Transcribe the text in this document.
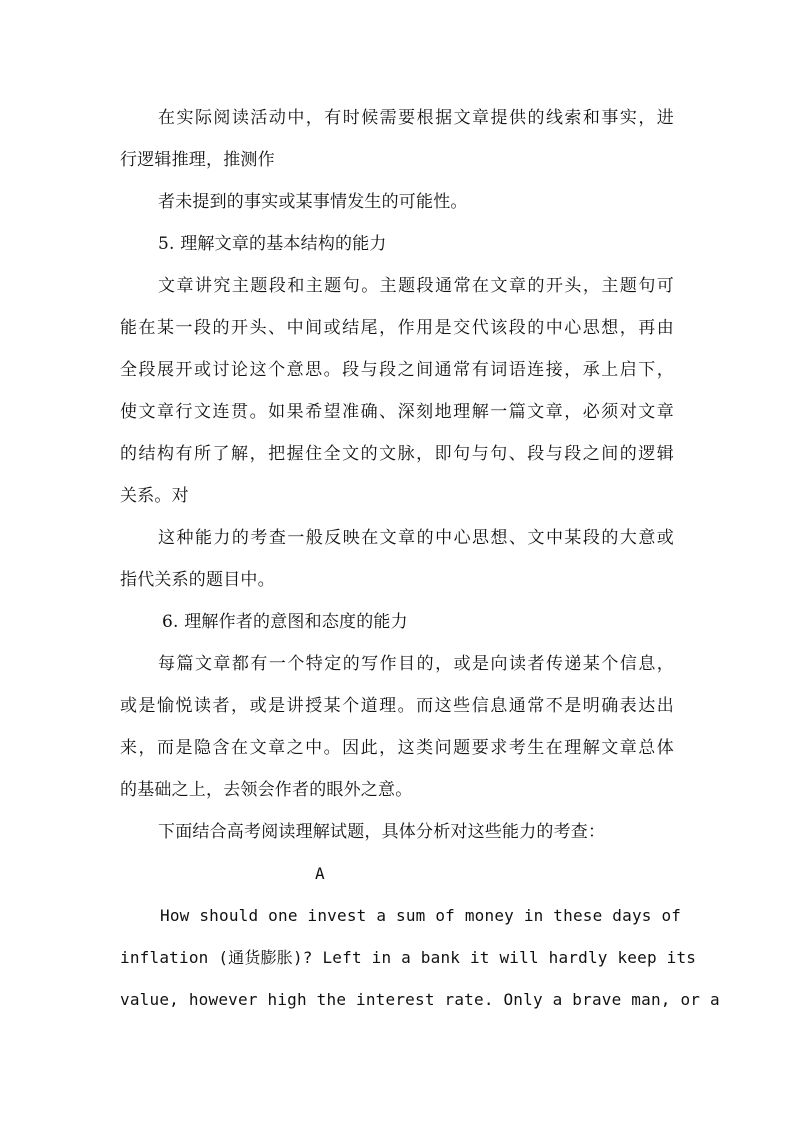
在实际阅读活动中，有时候需要根据文章提供的线索和事实，进
行逻辑推理，推测作
者未提到的事实或某事情发生的可能性。
5. 理解文章的基本结构的能力
文章讲究主题段和主题句。主题段通常在文章的开头，主题句可
能在某一段的开头、中间或结尾，作用是交代该段的中心思想，再由
全段展开或讨论这个意思。段与段之间通常有词语连接，承上启下，
使文章行文连贯。如果希望准确、深刻地理解一篇文章，必须对文章
的结构有所了解，把握住全文的文脉，即句与句、段与段之间的逻辑
关系。对
这种能力的考查一般反映在文章的中心思想、文中某段的大意或
指代关系的题目中。
6. 理解作者的意图和态度的能力
每篇文章都有一个特定的写作目的，或是向读者传递某个信息，
或是愉悦读者，或是讲授某个道理。而这些信息通常不是明确表达出
来，而是隐含在文章之中。因此，这类问题要求考生在理解文章总体
的基础之上，去领会作者的眼外之意。
下面结合高考阅读理解试题，具体分析对这些能力的考查：
A
How should one invest a sum of money in these days of
inflation (通货膨胀)? Left in a bank it will hardly keep its
value, however high the interest rate. Only a brave man, or a
